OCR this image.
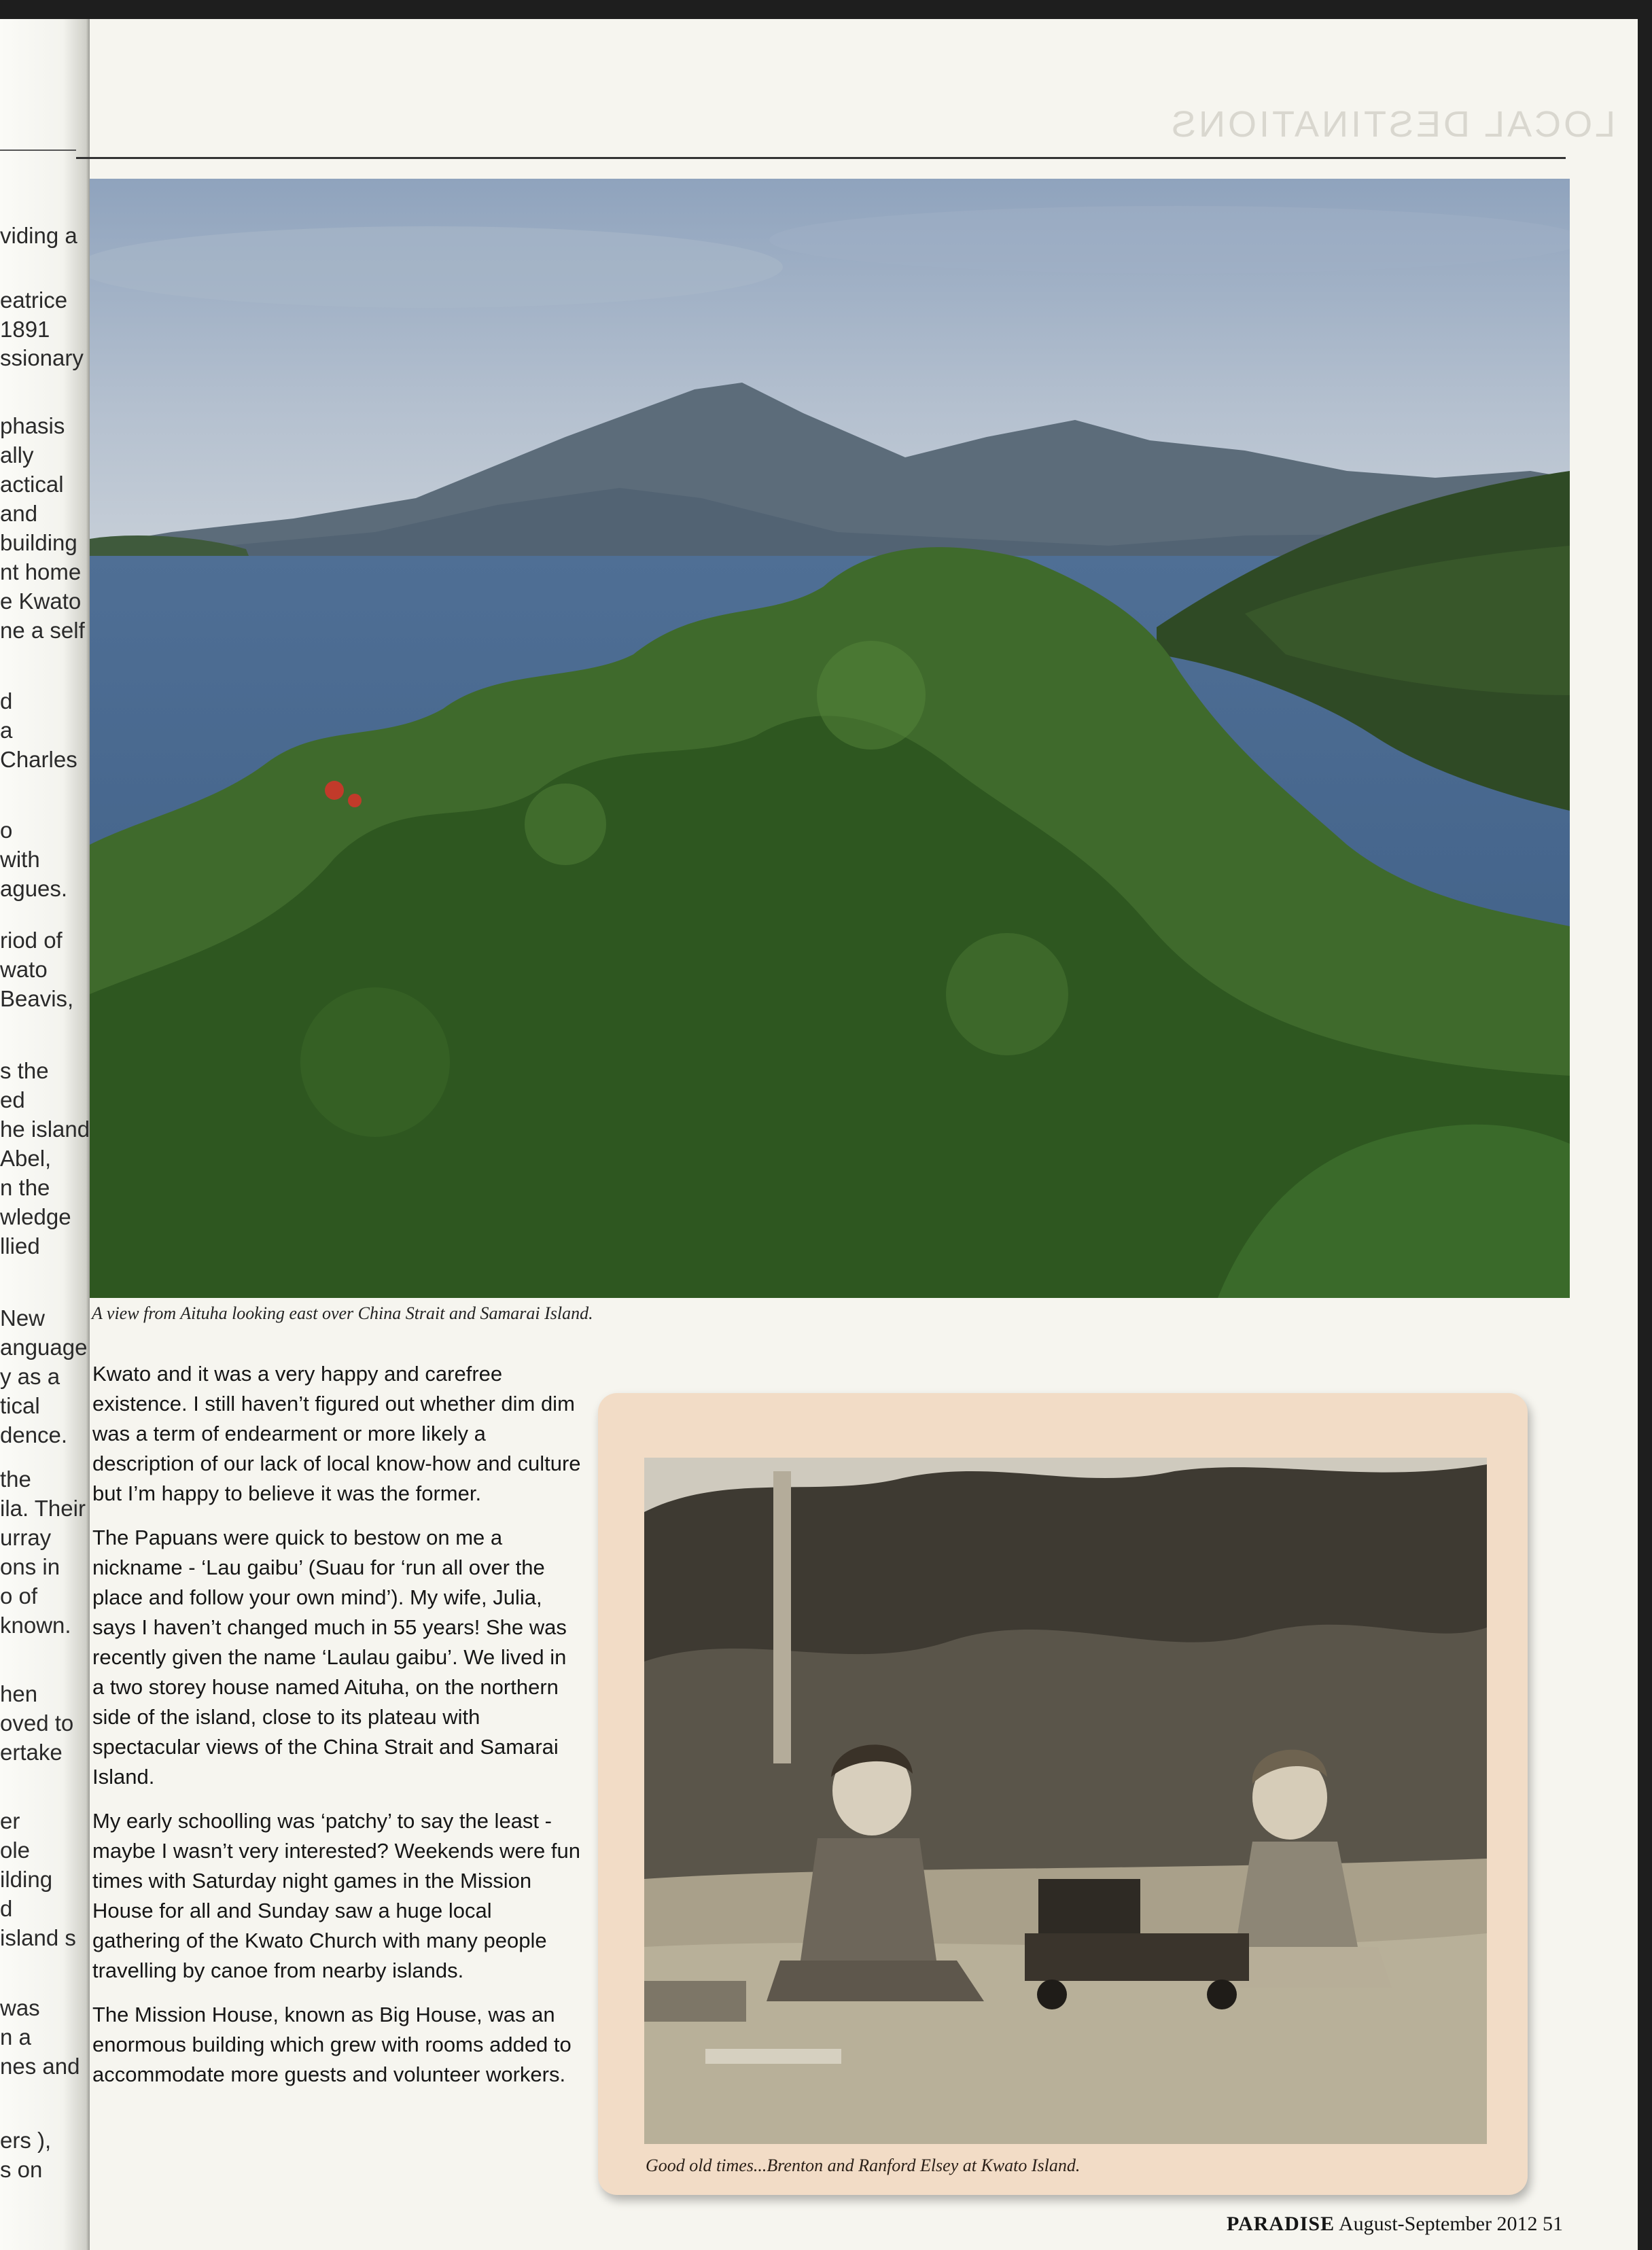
viding a

eatrice

1891

ssionary

phasis

ally

actical

and

building

nt home

e Kwato

ne a self

d

a

Charles

o

with

agues.

riod of

wato

Beavis,

s the

ed

he island

Abel,

n the

wledge

llied

New

anguage

y as a

tical

dence.

the

ila. Their

urray

ons in

o of

known.

hen

oved to

ertake

er

ole

ilding

d

island s

was

n a

nes and

ers ),

s on

LOCAL DESTINATIONS

A view from Aituha looking east over China Strait and Samarai Island.

Kwato and it was a very happy and carefree existence. I still haven’t figured out whether dim dim was a term of endearment or more likely a description of our lack of local know-how and culture but I’m happy to believe it was the former.

The Papuans were quick to bestow on me a nickname - ‘Lau gaibu’ (Suau for ‘run all over the place and follow your own mind’). My wife, Julia, says I haven’t changed much in 55 years! She was recently given the name ‘Laulau gaibu’. We lived in a two storey house named Aituha, on the northern side of the island, close to its plateau with spectacular views of the China Strait and Samarai Island.

My early schoolling was ‘patchy’ to say the least - maybe I wasn’t very interested? Weekends were fun times with Saturday night games in the Mission House for all and Sunday saw a huge local gathering of the Kwato Church with many people travelling by canoe from nearby islands.

The Mission House, known as Big House, was an enormous building which grew with rooms added to accommodate more guests and volunteer workers.

Good old times...Brenton and Ranford Elsey at Kwato Island.

PARADISE August-September 2012 51
